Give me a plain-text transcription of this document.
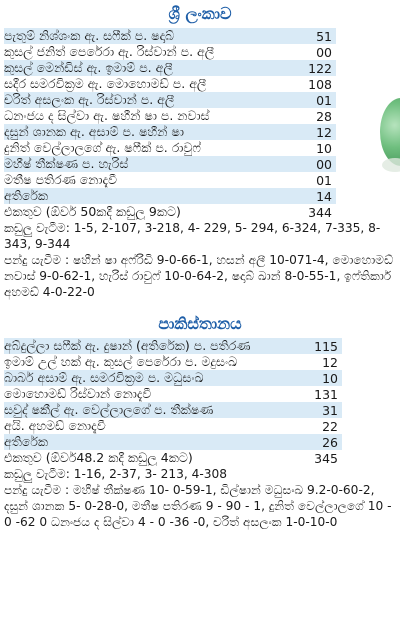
ශ්‍රී ලංකාව
පැතුම් නිශ්ශංක ඇ. සෆීක් ප. ෂදාබ්	51
කුසල් ජනිත් පෙරේරා ඇ. රිස්වාන් ප. අලී	00
කුසල් මෙන්ඩිස් ඇ. ඉමාම් ප. අලී	122
සදීර සමරවික්‍රම ඇ. මොහොමඩ් ප. අලී	108
චරිත් අසලංක ඇ. රිස්වාන් ප. අලී	01
ධනංජය ද සිල්වා ඇ. ෂහීන් ෂා ප. නවාස්	28
දසුන් ශානක ඇ. අසාම් ප. ෂහීන් ෂා	12
දුනිත් වෙල්ලාලගේ ඇ. ෂෆීක් ප. රාවුෆ්	10
මහීෂ් තීක්ෂණ ප. හැරිස්	00
මතීෂ පතිරණ නොදැවී	01
අතිරේක	14
එකතුව (ඕවර් 50කදී කඩුලු 9කට)	344
කඩුලු වැටීම: 1-5, 2-107, 3-218, 4- 229, 5- 294, 6-324, 7-335, 8-343, 9-344
පන්දු යැවීම : ෂහීන් ෂා අෆ්රිඩි 9-0-66-1, හසන් අලී 10-071-4, මොහොමඩ් නවාස් 9-0-62-1, හැරිස් රාවුෆ් 10-0-64-2, ෂදාබ් ඛාන් 8-0-55-1, ඉෆ්තිකාර් අහමඩ් 4-0-22-0
පාකිස්තානය
අබ්දුල්ලා සෆීක් ඇ. දුෂාන් (අතිරේක) ප. පතිරණ	115
ඉමාම් උල් හක් ඇ. කුසල් පෙරේරා ප. මදුසංඛ	12
බාබර් අසාම් ඇ. සමරවික්‍රම ප. මධුසංඛ	10
මොහොමඩ් රිස්වාන් නොදැවී	131
සවුද් ෂකීල් ඇ. වෙල්ලාලගේ ප. තීක්ෂණ	31
අයි. අහමඩ් නොදැවී	22
අතිරේක	26
එකතුව (ඕවර්48.2 කදී කඩුලු 4කට)	345
කඩුලු වැටීම: 1-16, 2-37, 3- 213, 4-308
පන්දු යැවීම : මහීෂ් තීක්ෂණ 10- 0-59-1, ඩිල්ෂාන් මධුසංඛ 9.2-0-60-2, දසුන් ශානක 5- 0-28-0, මතීෂ පතිරණ 9 - 90 - 1, දුනිත් වෙල්ලාලගේ 10 - 0 -62 0 ධනංජය ද සිල්වා 4 - 0 -36 -0, චරිත් අසලංක 1-0-10-0
